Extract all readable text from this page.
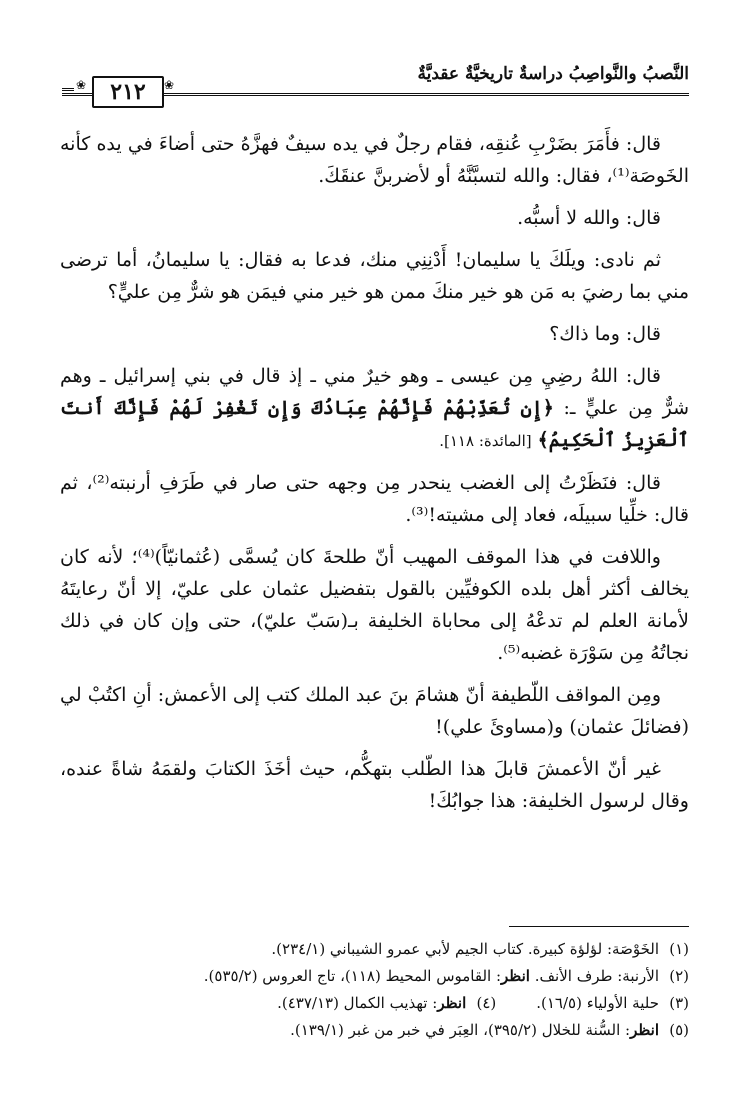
النَّصبُ والنَّواصِبُ دراسةٌ تاريخيَّةٌ عقديَّةٌ
❀
٢١٢
❀

قال: فأَمَرَ بضَرْبِ عُنقِه، فقام رجلٌ في يده سيفٌ فهزَّهُ حتى أضاءَ في يده كأنه الخَوصَة⁽¹⁾، فقال: والله لتسبَّنَّهُ أو لأضربنَّ عنقَكَ.

قال: والله لا أسبُّه.

ثم نادى: ويلَكَ يا سليمان! أَدْنِنِي منك، فدعا به فقال: يا سليمانُ، أما ترضى مني بما رضيَ به مَن هو خير منكَ ممن هو خير مني فيمَن هو شرٌّ مِن عليٍّ؟

قال: وما ذاك؟

قال: اللهُ رضِيِ مِن عيسى ـ وهو خيرٌ مني ـ إذ قال في بني إسرائيل ـ وهم شرٌّ مِن عليٍّ ـ: ﴿إِن تُعَذِّبْهُمْ فَإِنَّهُمْ عِبَادُكَ وَإِن تَغْفِرْ لَهُمْ فَإِنَّكَ أَنتَ ٱلْعَزِيزُ ٱلْحَكِيمُ﴾ [المائدة: ١١٨].

قال: فنَظَرْتُ إلى الغضب ينحدر مِن وجهه حتى صار في طَرَفِ أرنبته⁽²⁾، ثم قال: خلِّيا سبيلَه، فعاد إلى مشيته!⁽³⁾.

واللافت في هذا الموقف المهيب أنّ طلحةَ كان يُسمَّى (عُثمانيّاً)⁽⁴⁾؛ لأنه كان يخالف أكثر أهل بلده الكوفيِّين بالقول بتفضيل عثمان على عليّ، إلا أنّ رعايتَهُ لأمانة العلم لم تدعْهُ إلى محاباة الخليفة بـ(سَبّ عليّ)، حتى وإن كان في ذلك نجاتُهُ مِن سَوْرَة غضبه⁽⁵⁾.

ومِن المواقف اللّطيفة أنّ هشامَ بنَ عبد الملك كتب إلى الأعمش: أنِ اكتُبْ لي (فضائلَ عثمان) و(مساوئَ علي)!

غير أنّ الأعمشَ قابلَ هذا الطّلب بتهكُّم، حيث أخَذَ الكتابَ ولقمَهُ شاةً عنده، وقال لرسول الخليفة: هذا جوابُكَ!

(١)
الخَوْصَة: لؤلؤة كبيرة. كتاب الجيم لأبي عمرو الشيباني (٢٣٤/١).
(٢)
الأرنبة: طرف الأنف. انظر: القاموس المحيط (١١٨)، تاج العروس (٥٣٥/٢).
(٣)
حلية الأولياء (١٦/٥).
(٤)
انظر: تهذيب الكمال (٤٣٧/١٣).
(٥)
انظر: السُّنة للخلال (٣٩٥/٢)، العِبَر في خبر من غبر (١٣٩/١).
